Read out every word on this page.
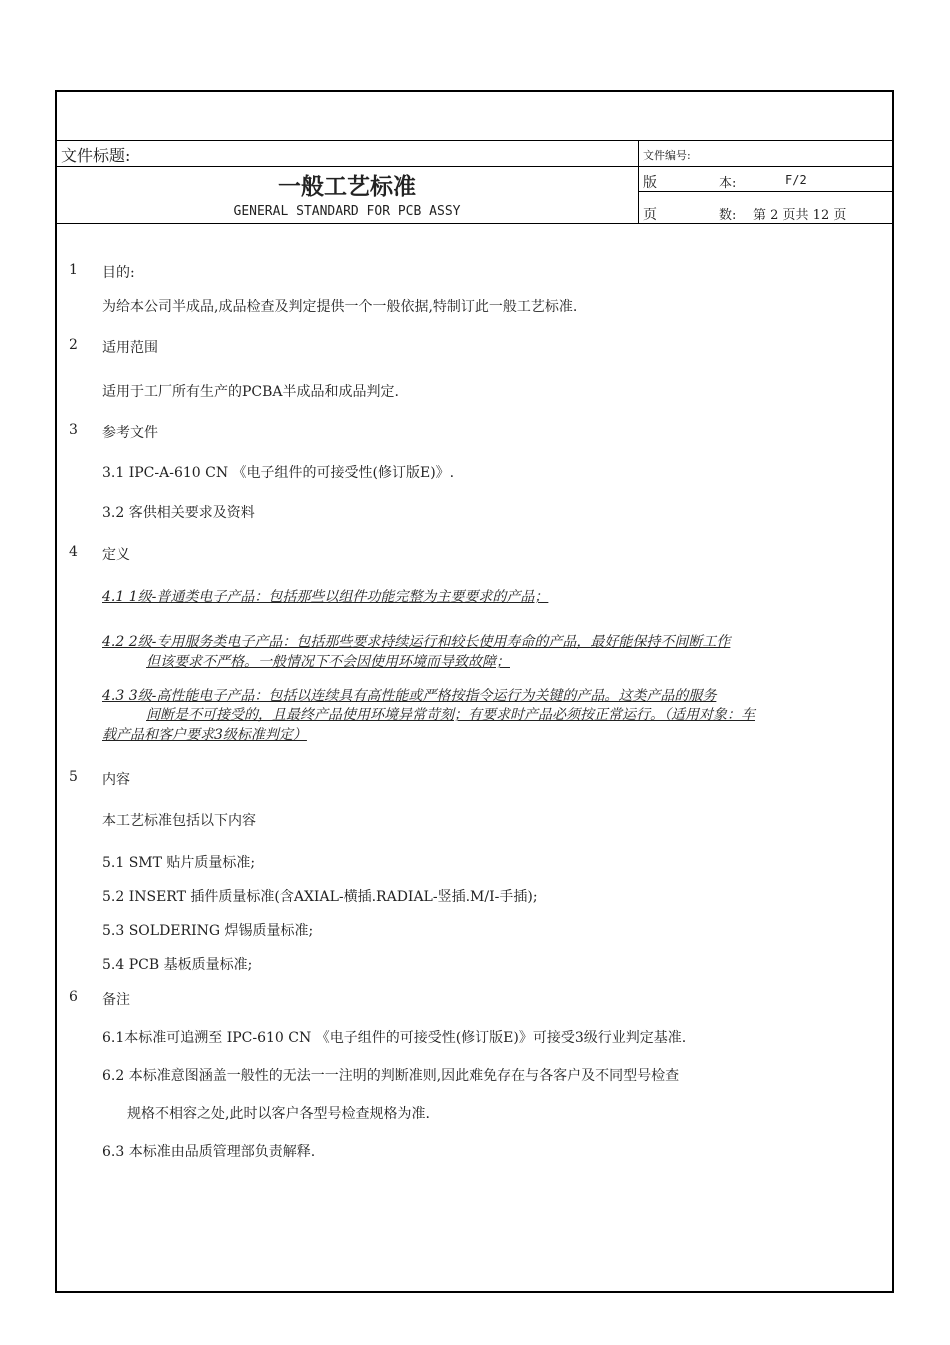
文件标题:
一般工艺标准
GENERAL STANDARD FOR PCB ASSY
文件编号:
版	本:	F/2
页	数: 第 2 页共 12 页
1 目的:
为给本公司半成品,成品检查及判定提供一个一般依据,特制订此一般工艺标准.
2 适用范围
适用于工厂所有生产的PCBA半成品和成品判定.
3 参考文件
3.1 IPC-A-610 CN 《电子组件的可接受性(修订版E)》.
3.2 客供相关要求及资料
4 定义
4.1 1级-普通类电子产品：包括那些以组件功能完整为主要要求的产品；
4.2 2级-专用服务类电子产品：包括那些要求持续运行和较长使用寿命的产品，最好能保持不间断工作
但该要求不严格。一般情况下不会因使用环境而导致故障；
4.3 3级-高性能电子产品：包括以连续具有高性能或严格按指令运行为关键的产品。这类产品的服务
间断是不可接受的，且最终产品使用环境异常苛刻；有要求时产品必须按正常运行。（适用对象：车
载产品和客户要求3级标准判定）
5 内容
本工艺标准包括以下内容
5.1 SMT 贴片质量标准;
5.2 INSERT 插件质量标准(含AXIAL-横插.RADIAL-竖插.M/I-手插);
5.3 SOLDERING 焊锡质量标准;
5.4 PCB 基板质量标准;
6 备注
6.1本标准可追溯至 IPC-610 CN 《电子组件的可接受性(修订版E)》可接受3级行业判定基准.
6.2 本标准意图涵盖一般性的无法一一注明的判断准则,因此难免存在与各客户及不同型号检查
规格不相容之处,此时以客户各型号检查规格为准.
6.3 本标准由品质管理部负责解释.
